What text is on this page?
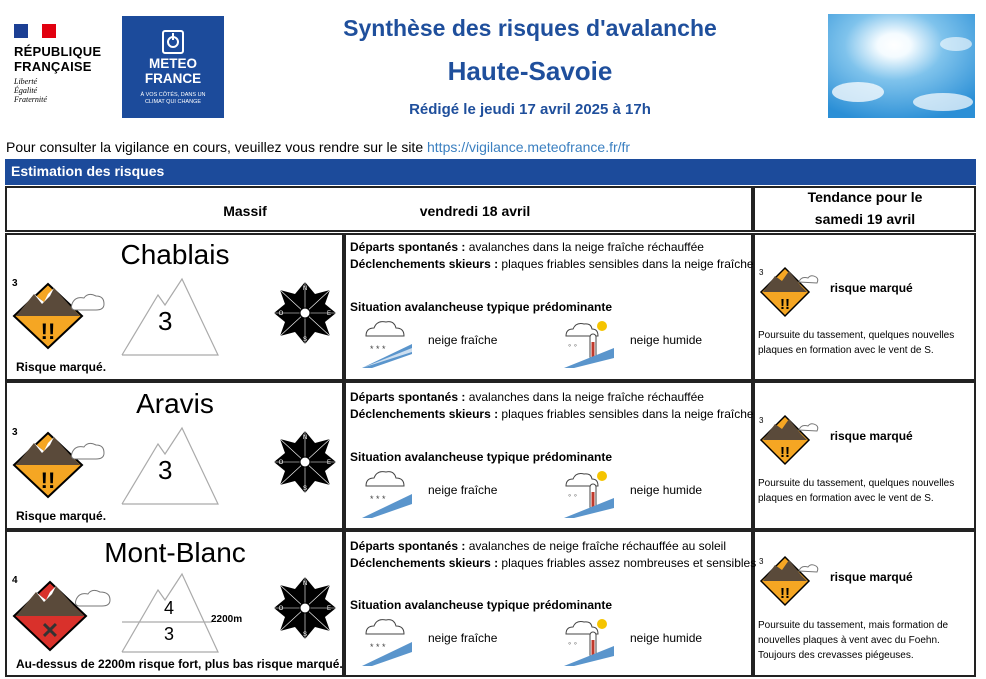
RÉPUBLIQUE
FRANÇAISE
Liberté
Égalité
Fraternité
METEO
FRANCE
À VOS CÔTÉS, DANS UN
CLIMAT QUI CHANGE
Synthèse des risques d'avalanche
Haute-Savoie
Rédigé le jeudi 17 avril 2025 à 17h
Pour consulter la vigilance en cours, veuillez vous rendre sur le site https://vigilance.meteofrance.fr/fr
Estimation des risques
Massif	vendredi 18 avril
Tendance pour le
samedi 19 avril
Chablais
3
!!	3
Risque marqué.
N
E
S
O
Départs spontanés : avalanches dans la neige fraîche réchauffée
Déclenchements skieurs : plaques friables sensibles dans la neige fraîche
Situation avalancheuse typique prédominante
* * *
neige fraîche	◦ ◦	neige humide
3
!!
risque marqué
Poursuite du tassement, quelques nouvelles plaques en formation avec le vent de S.
Aravis
3
!!	3
Risque marqué.
N
E
S
O
Départs spontanés : avalanches dans la neige fraîche réchauffée
Déclenchements skieurs : plaques friables sensibles dans la neige fraîche
Situation avalancheuse typique prédominante
* * *
neige fraîche	◦ ◦	neige humide
3
!!
risque marqué
Poursuite du tassement, quelques nouvelles plaques en formation avec le vent de S.
Mont-Blanc
4
✕
4
3
2200m
Au-dessus de 2200m risque fort, plus bas risque marqué.
N
E
S
O
Départs spontanés : avalanches de neige fraîche réchauffée au soleil
Déclenchements skieurs : plaques friables assez nombreuses et sensibles
Situation avalancheuse typique prédominante
* * *
neige fraîche	◦ ◦	neige humide
3
!!
risque marqué
Poursuite du tassement, mais formation de nouvelles plaques à vent avec du Foehn. Toujours des crevasses piégeuses.
